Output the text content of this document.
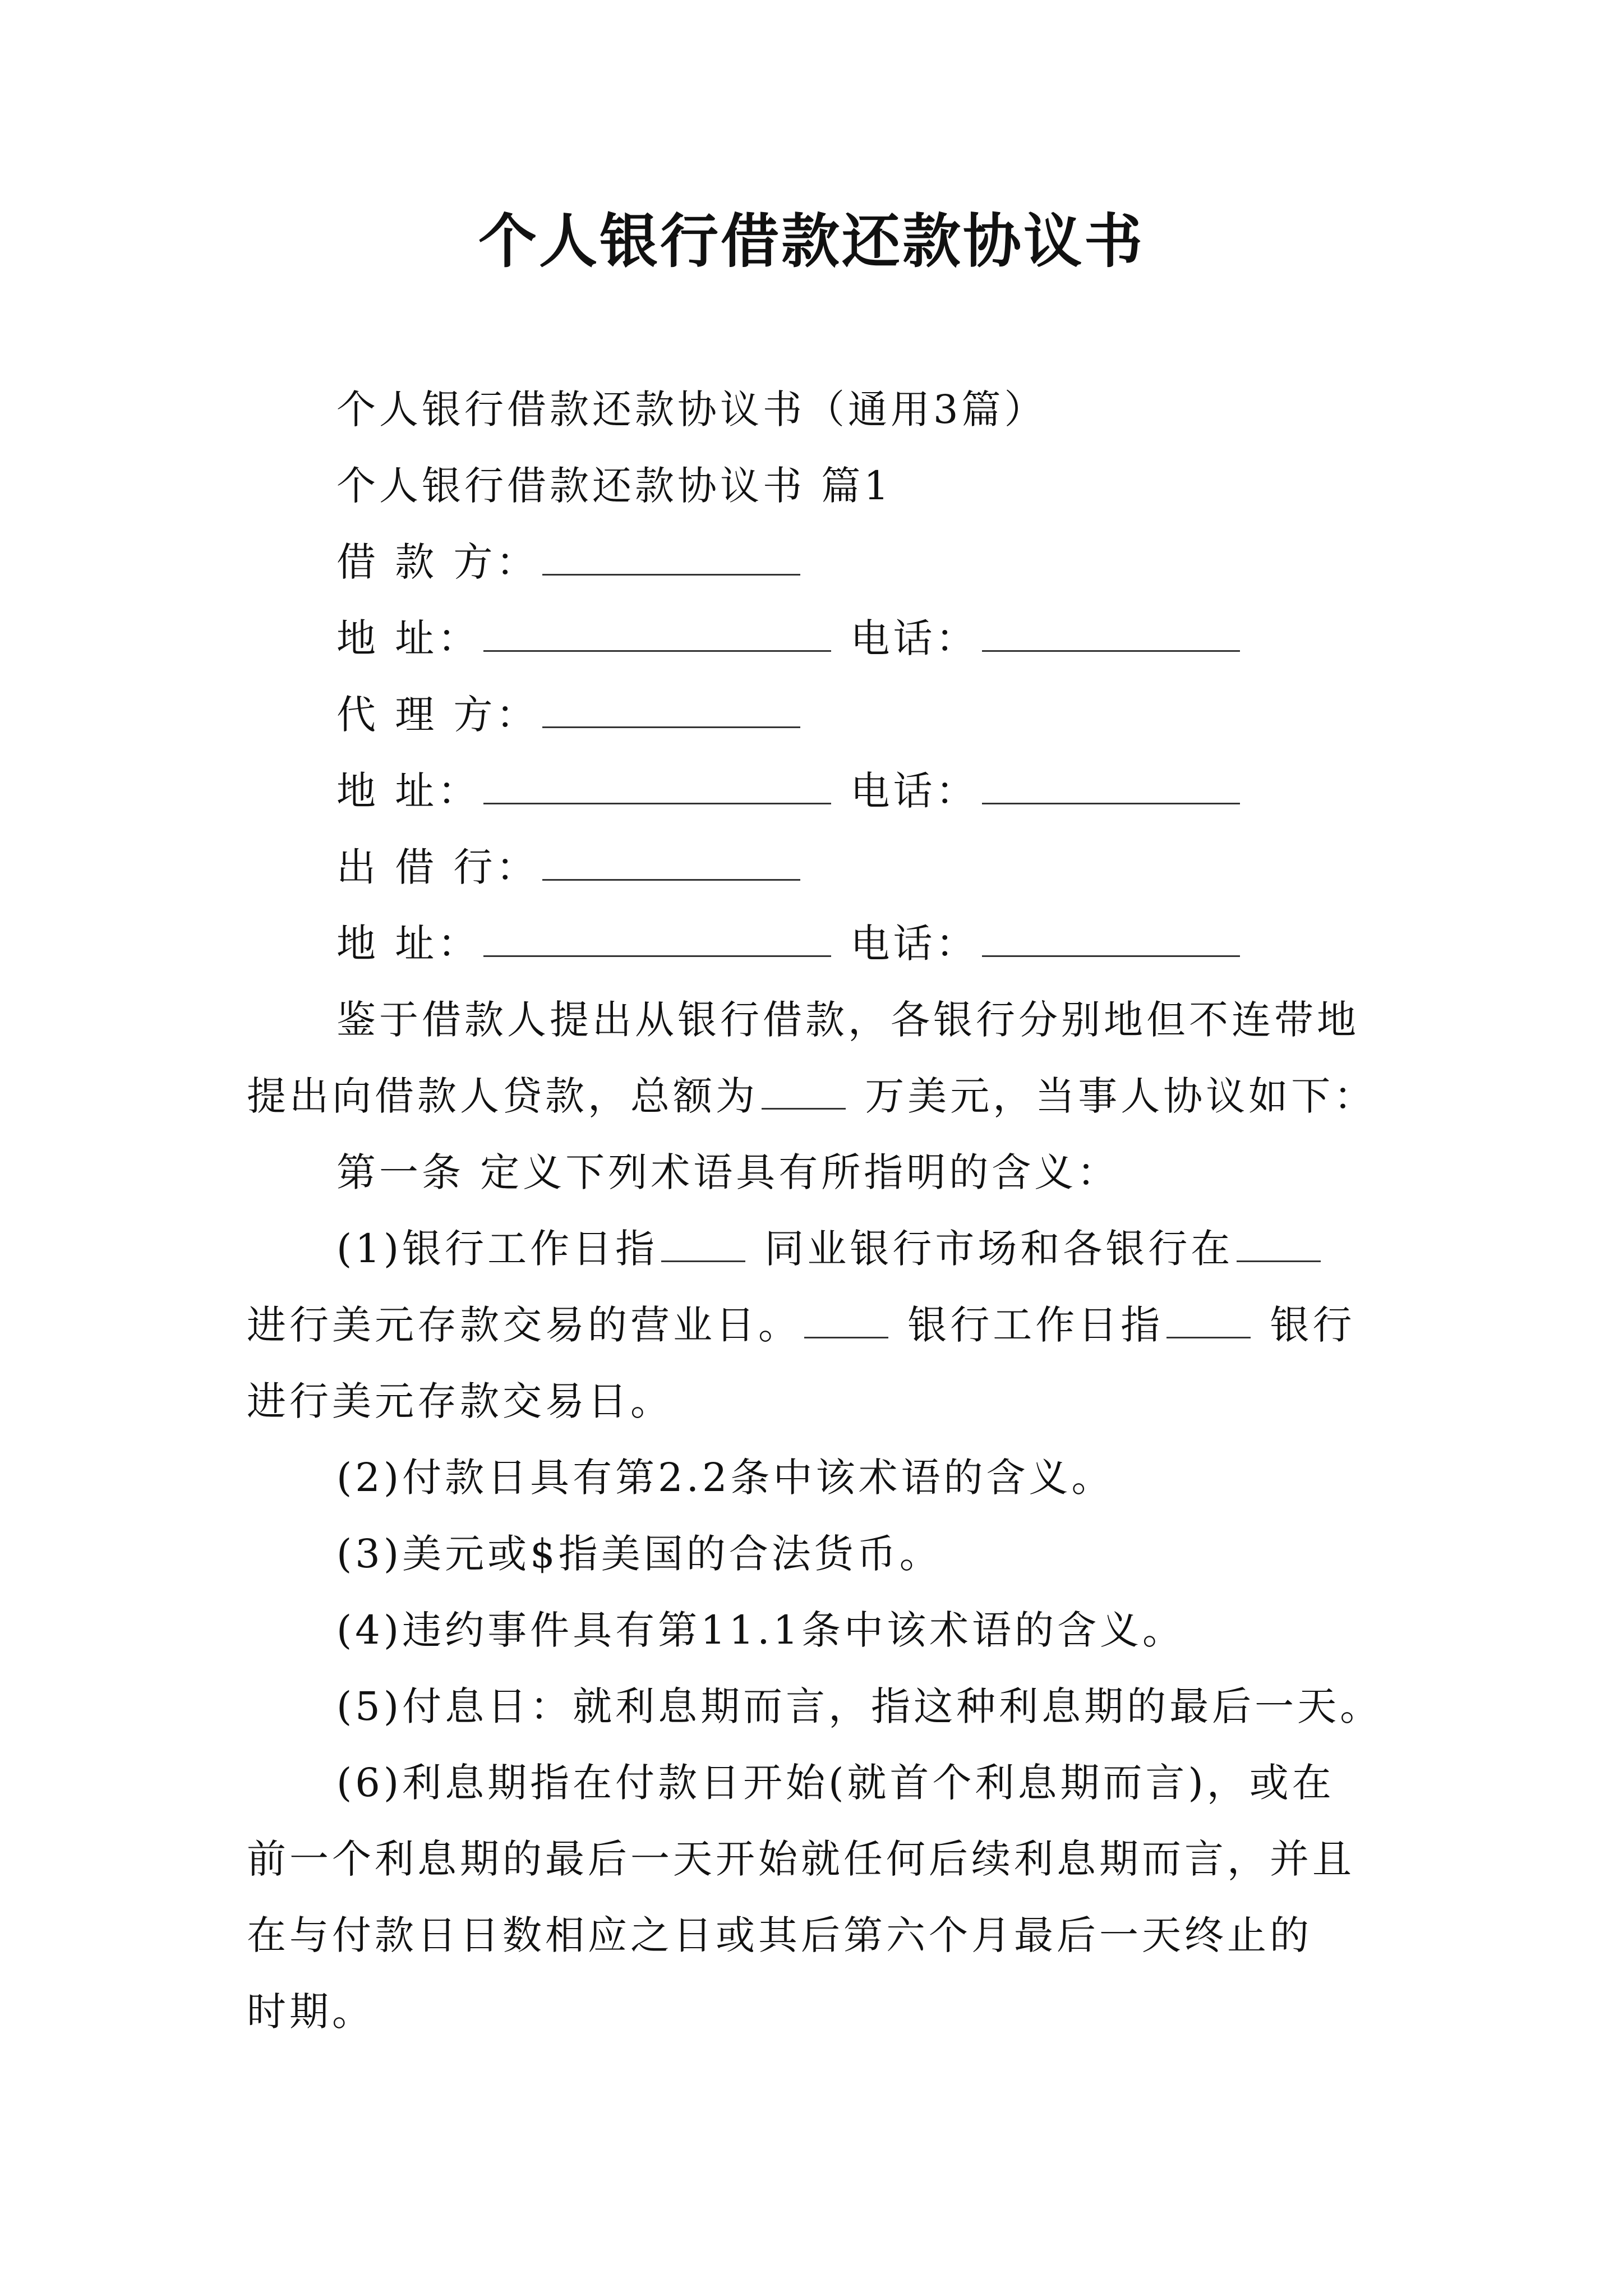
个人银行借款还款协议书
个人银行借款还款协议书（通用3篇）
个人银行借款还款协议书 篇1
借 款 方：
地 址：	电话：
代 理 方：
地 址：	电话：
出 借 行：
地 址：	电话：
鉴于借款人提出从银行借款，各银行分别地但不连带地
提出向借款人贷款，总额为	万美元，当事人协议如下：
第一条 定义下列术语具有所指明的含义：
(1)银行工作日指	同业银行市场和各银行在
进行美元存款交易的营业日。	银行工作日指	银行
进行美元存款交易日。
(2)付款日具有第2.2条中该术语的含义。
(3)美元或$指美国的合法货币。
(4)违约事件具有第11.1条中该术语的含义。
(5)付息日：就利息期而言，指这种利息期的最后一天。
(6)利息期指在付款日开始(就首个利息期而言)，或在
前一个利息期的最后一天开始就任何后续利息期而言，并且
在与付款日日数相应之日或其后第六个月最后一天终止的
时期。
